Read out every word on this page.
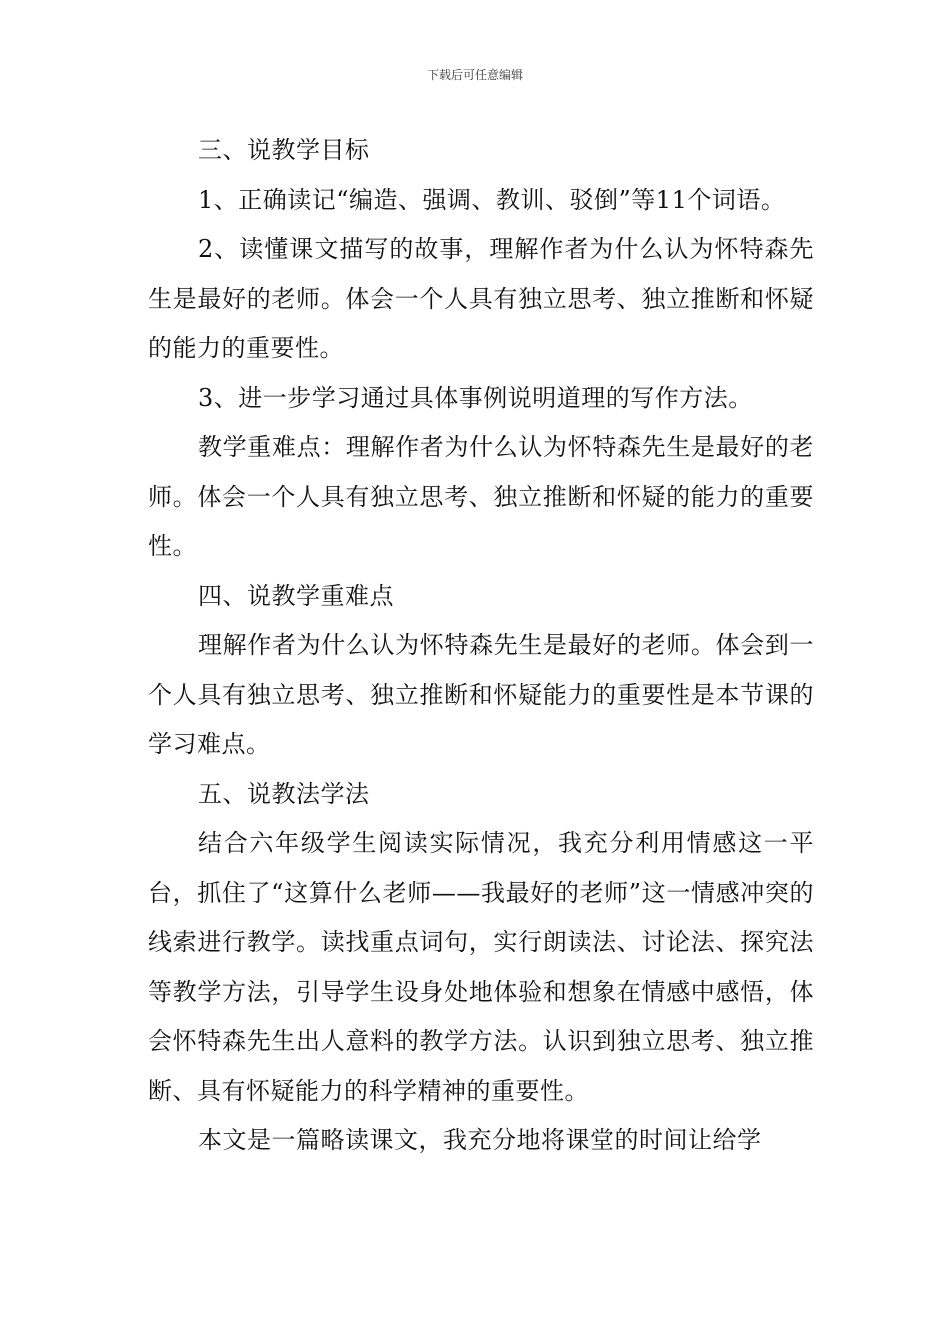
下载后可任意编辑

三、说教学目标

1、正确读记“编造、强调、教训、驳倒”等11个词语。

2、读懂课文描写的故事，理解作者为什么认为怀特森先生是最好的老师。体会一个人具有独立思考、独立推断和怀疑的能力的重要性。

3、进一步学习通过具体事例说明道理的写作方法。

教学重难点：理解作者为什么认为怀特森先生是最好的老师。体会一个人具有独立思考、独立推断和怀疑的能力的重要性。

四、说教学重难点

理解作者为什么认为怀特森先生是最好的老师。体会到一个人具有独立思考、独立推断和怀疑能力的重要性是本节课的学习难点。

五、说教法学法

结合六年级学生阅读实际情况，我充分利用情感这一平台，抓住了“这算什么老师——我最好的老师”这一情感冲突的线索进行教学。读找重点词句，实行朗读法、讨论法、探究法等教学方法，引导学生设身处地体验和想象在情感中感悟，体会怀特森先生出人意料的教学方法。认识到独立思考、独立推断、具有怀疑能力的科学精神的重要性。

本文是一篇略读课文，我充分地将课堂的时间让给学
